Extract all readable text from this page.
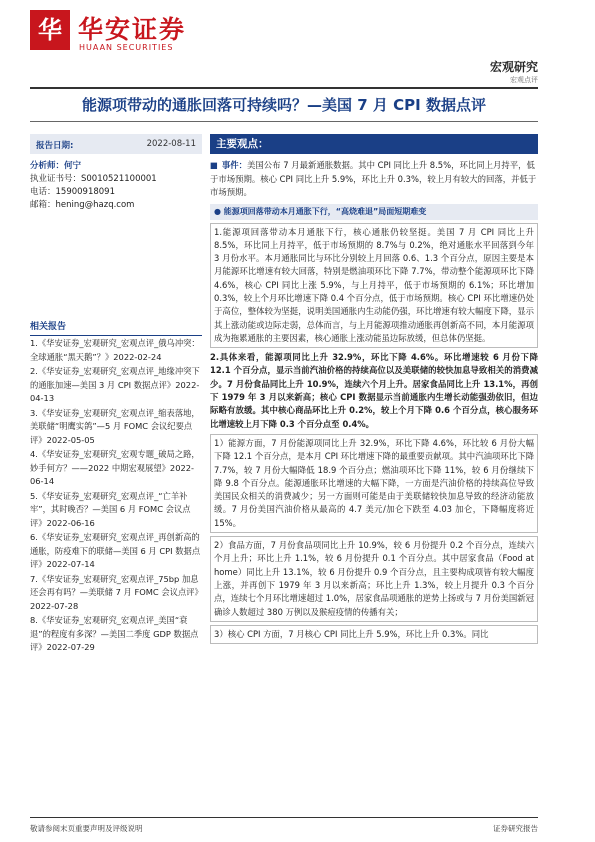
华 华安证券
HUAAN SECURITIES
宏观研究
宏观点评
能源项带动的通胀回落可持续吗？—美国 7 月 CPI 数据点评
报告日期:	2022-08-11
分析师：何宁
执业证书号：S0010521100001
电话：15900918091
邮箱：hening@hazq.com
相关报告
1.《华安证券_宏观研究_宏观点评_俄乌冲突：全球通胀“黑天鹅”？》2022-02-24
2.《华安证券_宏观研究_宏观点评_地缘冲突下的通胀加速—美国 3 月 CPI 数据点评》2022-04-13
3.《华安证券_宏观研究_宏观点评_缩表落地，美联储“明鹰实鸽”—5 月 FOMC 会议纪要点评》2022-05-05
4.《华安证券_宏观研究_宏观专题_破局之路，妙手何方？——2022 中期宏观展望》2022-06-14
5.《华安证券_宏观研究_宏观点评_“亡羊补牢”，其时晚否？—美国 6 月 FOMC 会议点评》2022-06-16
6.《华安证券_宏观研究_宏观点评_再创新高的通胀，防疫难下的联储—美国 6 月 CPI 数据点评》2022-07-14
7.《华安证券_宏观研究_宏观点评_75bp 加息还会再有吗？—美联储 7 月 FOMC 会议点评》2022-07-28
8.《华安证券_宏观研究_宏观点评_美国“衰退”的程度有多深？—美国二季度 GDP 数据点评》2022-07-29
主要观点：
■ 事件：美国公布 7 月最新通胀数据。其中 CPI 同比上升 8.5%，环比同上月持平，低于市场预期。核心 CPI 同比上升 5.9%，环比上升 0.3%，较上月有较大的回落，并低于市场预期。
● 能源项回落带动本月通胀下行，“高烧难退”局面短期难变

1.能源项回落带动本月通胀下行，核心通胀仍较坚挺。美国 7 月 CPI 同比上升 8.5%，环比同上月持平，低于市场预期的 8.7%与 0.2%，绝对通胀水平回落到今年 3 月份水平。本月通胀同比与环比分别较上月回落 0.6、1.3 个百分点，原因主要是本月能源环比增速有较大回落，特别是燃油项环比下降 7.7%，带动整个能源项环比下降 4.6%，核心 CPI 同比上涨 5.9%，与上月持平，低于市场预期的 6.1%；环比增加 0.3%，较上个月环比增速下降 0.4 个百分点，低于市场预期。核心 CPI 环比增速仍处于高位，整体较为坚挺，说明美国通胀内生动能仍强，环比增速有较大幅度下降，显示其上涨动能或边际走弱，总体而言，与上月能源项推动通胀再创新高不同，本月能源项成为拖累通胀的主要因素，核心通胀上涨动能虽边际放缓，但总体仍坚挺。

2.具体来看，能源项同比上升 32.9%，环比下降 4.6%。环比增速较 6 月份下降 12.1 个百分点，显示当前汽油价格的持续高位以及美联储的较快加息导致相关的消费减少。7 月份食品同比上升 10.9%，连续六个月上升。居家食品同比上升 13.1%，再创下 1979 年 3 月以来新高；核心 CPI 数据显示当前通胀内生增长动能强劲依旧，但边际略有放缓。其中核心商品环比上升 0.2%，较上个月下降 0.6 个百分点，核心服务环比增速较上月下降 0.3 个百分点至 0.4%。

1）能源方面，7 月份能源项同比上升 32.9%，环比下降 4.6%，环比较 6 月份大幅下降 12.1 个百分点，是本月 CPI 环比增速下降的最重要贡献项。其中汽油项环比下降 7.7%，较 7 月份大幅降低 18.9 个百分点；燃油项环比下降 11%，较 6 月份继续下降 9.8 个百分点。能源通胀环比增速的大幅下降，一方面是汽油价格的持续高位导致美国民众相关的消费减少；另一方面则可能是由于美联储较快加息导致的经济动能放缓。7 月份美国汽油价格从最高的 4.7 美元/加仑下跌至 4.03 加仑，下降幅度将近 15%。

2）食品方面，7 月份食品项同比上升 10.9%，较 6 月份提升 0.2 个百分点，连续六个月上升；环比上升 1.1%，较 6 月份提升 0.1 个百分点。其中居家食品（Food at home）同比上升 13.1%，较 6 月份提升 0.9 个百分点，且主要构成项皆有较大幅度上涨，并再创下 1979 年 3 月以来新高；环比上升 1.3%，较上月提升 0.3 个百分点，连续七个月环比增速超过 1.0%，居家食品项通胀的逆势上扬或与 7 月份美国新冠确诊人数超过 380 万例以及猴痘疫情的传播有关；

3）核心 CPI 方面，7 月核心 CPI 同比上升 5.9%，环比上升 0.3%。同比

敬请参阅末页重要声明及评级说明	证券研究报告
